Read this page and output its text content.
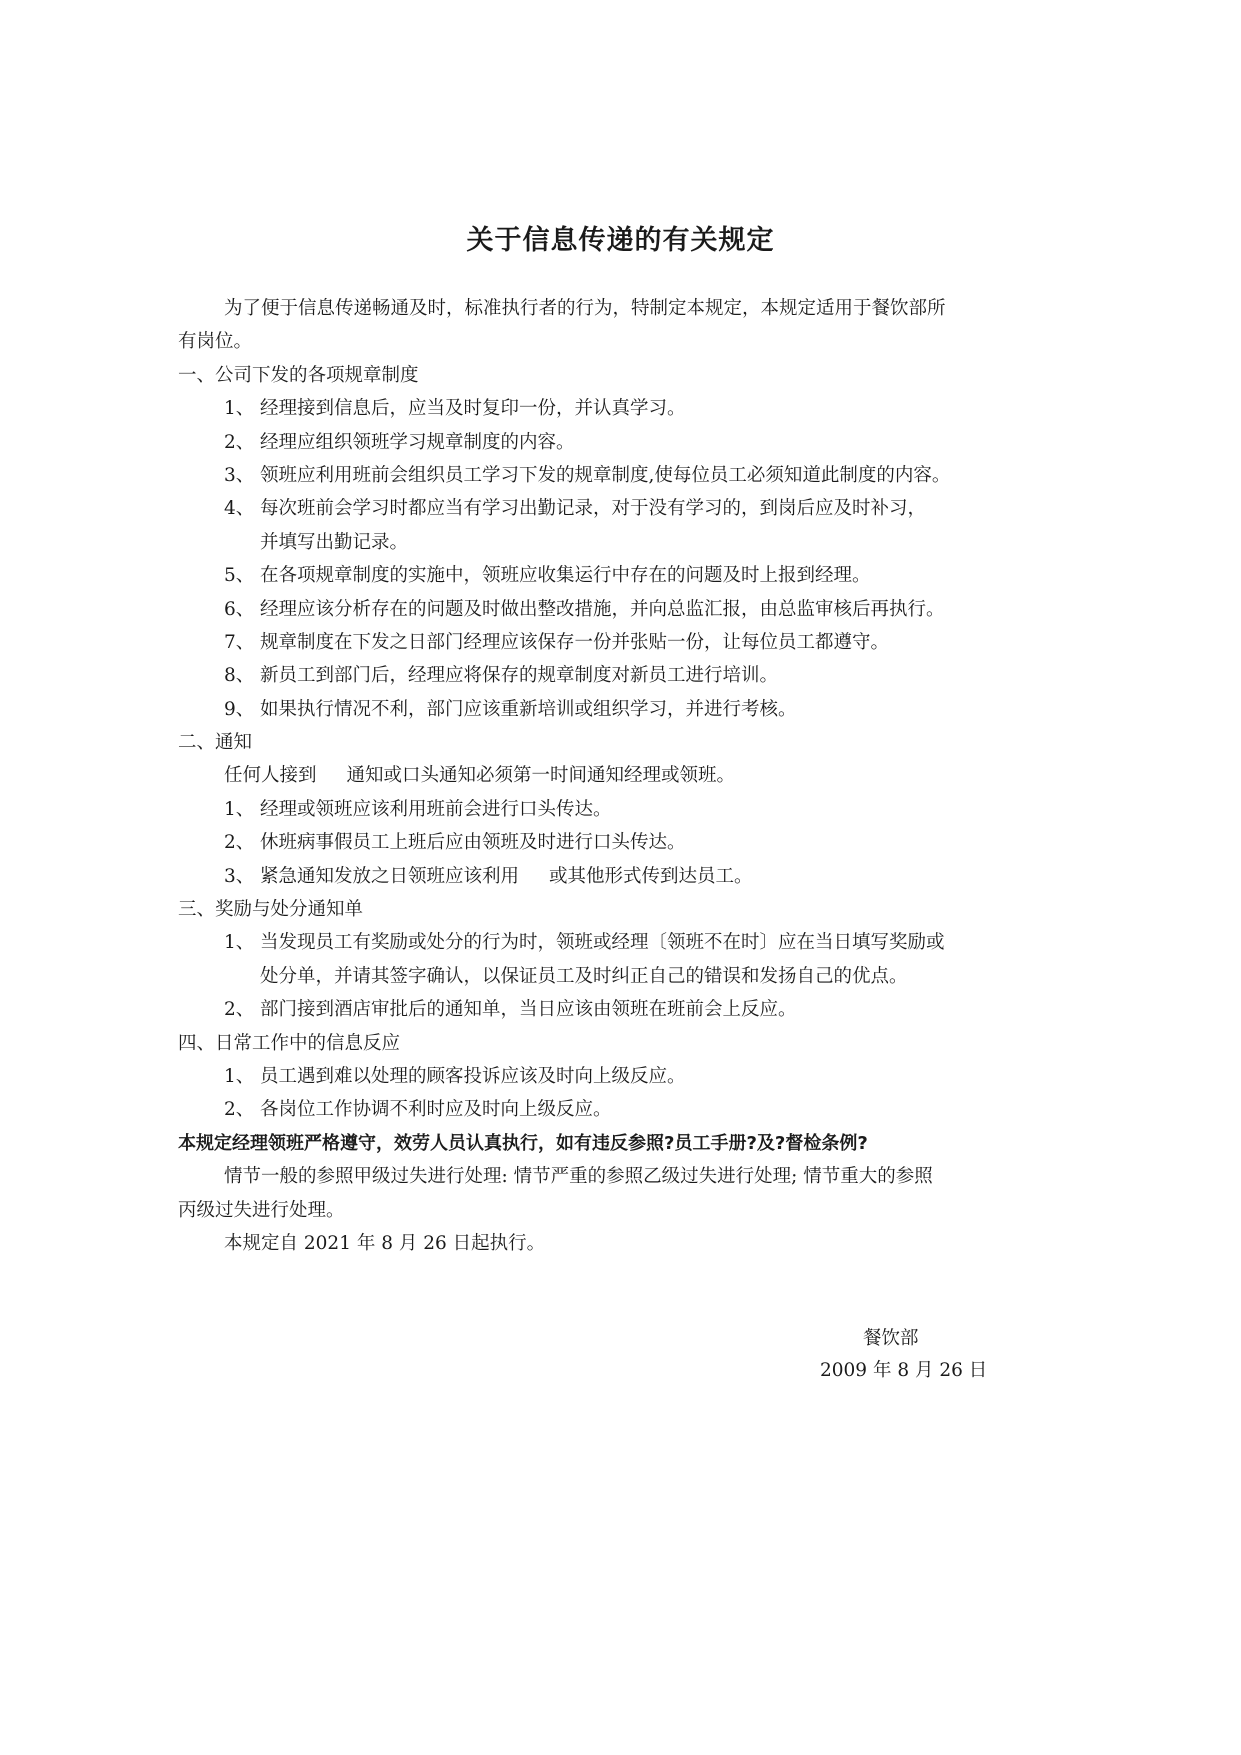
关于信息传递的有关规定
为了便于信息传递畅通及时，标准执行者的行为，特制定本规定，本规定适用于餐饮部所
有岗位。
一、公司下发的各项规章制度
1、 经理接到信息后，应当及时复印一份，并认真学习。
2、 经理应组织领班学习规章制度的内容。
3、 领班应利用班前会组织员工学习下发的规章制度,使每位员工必须知道此制度的内容。
4、 每次班前会学习时都应当有学习出勤记录，对于没有学习的，到岗后应及时补习，
并填写出勤记录。
5、 在各项规章制度的实施中，领班应收集运行中存在的问题及时上报到经理。
6、 经理应该分析存在的问题及时做出整改措施，并向总监汇报，由总监审核后再执行。
7、 规章制度在下发之日部门经理应该保存一份并张贴一份，让每位员工都遵守。
8、 新员工到部门后，经理应将保存的规章制度对新员工进行培训。
9、 如果执行情况不利，部门应该重新培训或组织学习，并进行考核。
二、通知
任何人接到 通知或口头通知必须第一时间通知经理或领班。
1、 经理或领班应该利用班前会进行口头传达。
2、 休班病事假员工上班后应由领班及时进行口头传达。
3、 紧急通知发放之日领班应该利用 或其他形式传到达员工。
三、奖励与处分通知单
1、 当发现员工有奖励或处分的行为时，领班或经理〔领班不在时〕应在当日填写奖励或
处分单，并请其签字确认，以保证员工及时纠正自己的错误和发扬自己的优点。
2、 部门接到酒店审批后的通知单，当日应该由领班在班前会上反应。
四、日常工作中的信息反应
1、 员工遇到难以处理的顾客投诉应该及时向上级反应。
2、 各岗位工作协调不利时应及时向上级反应。
本规定经理领班严格遵守，效劳人员认真执行，如有违反参照?员工手册?及?督检条例?
情节一般的参照甲级过失进行处理: 情节严重的参照乙级过失进行处理; 情节重大的参照
丙级过失进行处理。
本规定自 2021 年 8 月 26 日起执行。
餐饮部
2009 年 8 月 26 日
